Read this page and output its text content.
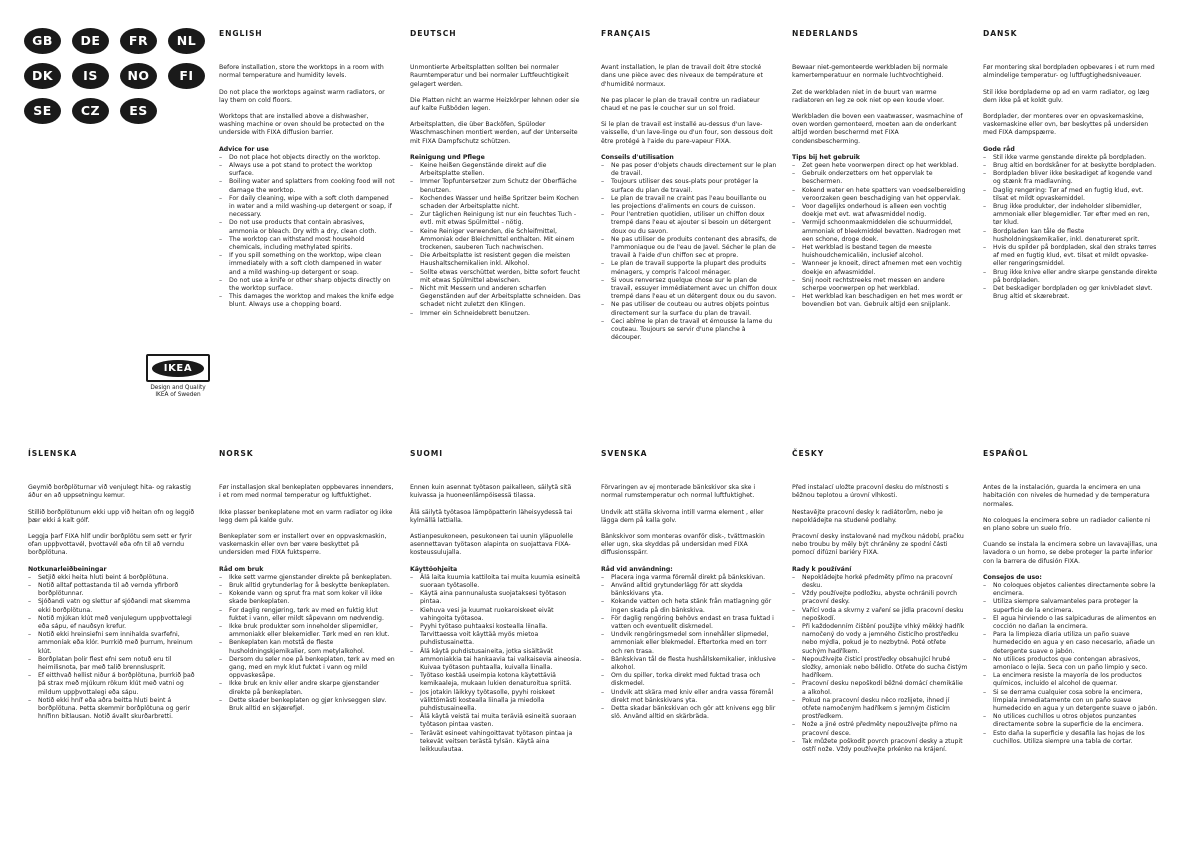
GB	DE	FR	NL
DK	IS	NO	FI
SE	CZ	ES
IKEA
Design and Quality
IKEA of Sweden
ENGLISH

Before installation, store the worktops in a room with normal temperature and humidity levels.

Do not place the worktops against warm radiators, or lay them on cold floors.

Worktops that are installed above a dishwasher, washing machine or oven should be protected on the underside with FIXA diffusion barrier.

Advice for use

– Do not place hot objects directly on the worktop.
– Always use a pot stand to protect the worktop surface.
– Boiling water and splatters from cooking food will not damage the worktop.
– For daily cleaning, wipe with a soft cloth dampened in water and a mild washing-up detergent or soap, if necessary.
– Do not use products that contain abrasives, ammonia or bleach. Dry with a dry, clean cloth.
– The worktop can withstand most household chemicals, including methylated spirits.
– If you spill something on the worktop, wipe clean immediately with a soft cloth dampened in water and a mild washing-up detergent or soap.
– Do not use a knife or other sharp objects directly on the worktop surface.
– This damages the worktop and makes the knife edge blunt. Always use a chopping board.
DEUTSCH

Unmontierte Arbeitsplatten sollten bei normaler Raumtemperatur und bei normaler Luftfeuchtigkeit gelagert werden.

Die Platten nicht an warme Heizkörper lehnen oder sie auf kalte Fußböden legen.

Arbeitsplatten, die über Backöfen, Spüloder Waschmaschinen montiert werden, auf der Unterseite mit FIXA Dampfschutz schützen.

Reinigung und Pflege

– Keine heißen Gegenstände direkt auf die Arbeitsplatte stellen.
– Immer Topfuntersetzer zum Schutz der Oberfläche benutzen.
– Kochendes Wasser und heiße Spritzer beim Kochen schaden der Arbeitsplatte nicht.
– Zur täglichen Reinigung ist nur ein feuchtes Tuch - evtl. mit etwas Spülmittel - nötig.
– Keine Reiniger verwenden, die Schleifmittel, Ammoniak oder Bleichmittel enthalten. Mit einem trockenen, sauberen Tuch nachwischen.
– Die Arbeitsplatte ist resistent gegen die meisten Haushaltschemikalien inkl. Alkohol.
– Sollte etwas verschüttet werden, bitte sofort feucht mit etwas Spülmittel abwischen.
– Nicht mit Messern und anderen scharfen Gegenständen auf der Arbeitsplatte schneiden. Das schadet nicht zuletzt den Klingen.
– Immer ein Schneidebrett benutzen.
FRANÇAIS

Avant installation, le plan de travail doit être stocké dans une pièce avec des niveaux de température et d'humidité normaux.

Ne pas placer le plan de travail contre un radiateur chaud et ne pas le coucher sur un sol froid.

Si le plan de travail est installé au-dessus d'un lave-vaisselle, d'un lave-linge ou d'un four, son dessous doit être protégé à l'aide du pare-vapeur FIXA.

Conseils d'utilisation

– Ne pas poser d'objets chauds directement sur le plan de travail.
– Toujours utiliser des sous-plats pour protéger la surface du plan de travail.
– Le plan de travail ne craint pas l'eau bouillante ou les projections d'aliments en cours de cuisson.
– Pour l'entretien quotidien, utiliser un chiffon doux trempé dans l'eau et ajouter si besoin un détergent doux ou du savon.
– Ne pas utiliser de produits contenant des abrasifs, de l'ammoniaque ou de l'eau de Javel. Sécher le plan de travail à l'aide d'un chiffon sec et propre.
– Le plan de travail supporte la plupart des produits ménagers, y compris l'alcool ménager.
– Si vous renversez quelque chose sur le plan de travail, essuyer immédiatement avec un chiffon doux trempé dans l'eau et un détergent doux ou du savon.
– Ne pas utiliser de couteau ou autres objets pointus directement sur la surface du plan de travail.
– Ceci abîme le plan de travail et émousse la lame du couteau. Toujours se servir d'une planche à découper.
NEDERLANDS

Bewaar niet-gemonteerde werkbladen bij normale kamertemperatuur en normale luchtvochtigheid.

Zet de werkbladen niet in de buurt van warme radiatoren en leg ze ook niet op een koude vloer.

Werkbladen die boven een vaatwasser, wasmachine of oven worden gemonteerd, moeten aan de onderkant altijd worden beschermd met FIXA condensbescherming.

Tips bij het gebruik

– Zet geen hete voorwerpen direct op het werkblad.
– Gebruik onderzetters om het oppervlak te beschermen.
– Kokend water en hete spatters van voedselbereiding veroorzaken geen beschadiging van het oppervlak.
– Voor dagelijks onderhoud is alleen een vochtig doekje met evt. wat afwasmiddel nodig.
– Vermijd schoonmaakmiddelen die schuurmiddel, ammoniak of bleekmiddel bevatten. Nadrogen met een schone, droge doek.
– Het werkblad is bestand tegen de meeste huishoudchemicaliën, inclusief alcohol.
– Wanneer je knoeit, direct afnemen met een vochtig doekje en afwasmiddel.
– Snij nooit rechtstreeks met messen en andere scherpe voorwerpen op het werkblad.
– Het werkblad kan beschadigen en het mes wordt er bovendien bot van. Gebruik altijd een snijplank.
DANSK

Før montering skal bordpladen opbevares i et rum med almindelige temperatur- og luftfugtighedsniveauer.

Stil ikke bordpladerne op ad en varm radiator, og læg dem ikke på et koldt gulv.

Bordplader, der monteres over en opvaskemaskine, vaskemaskine eller ovn, bør beskyttes på undersiden med FIXA dampspærre.

Gode råd

– Stil ikke varme genstande direkte på bordpladen.
– Brug altid en bordskåner for at beskytte bordpladen.
– Bordpladen bliver ikke beskadiget af kogende vand og stænk fra madlavning.
– Daglig rengøring: Tør af med en fugtig klud, evt. tilsat et mildt opvaskemiddel.
– Brug ikke produkter, der indeholder slibemidler, ammoniak eller blegemidler. Tør efter med en ren, tør klud.
– Bordpladen kan tåle de fleste husholdningskemikalier, inkl. denatureret sprit.
– Hvis du spilder på bordpladen, skal den straks tørres af med en fugtig klud, evt. tilsat et mildt opvaske- eller rengøringsmiddel.
– Brug ikke knive eller andre skarpe genstande direkte på bordpladen.
– Det beskadiger bordpladen og gør knivbladet sløvt. Brug altid et skærebræt.
ÍSLENSKA

Geymið borðplöturnar við venjulegt hita- og rakastig áður en að uppsetningu kemur.

Stillið borðplötunum ekki upp við heitan ofn og leggið þær ekki á kalt gólf.

Leggja þarf FIXA hlíf undir borðplötu sem sett er fyrir ofan uppþvottavél, þvottavél eða ofn til að verndu borðplötuna.

Notkunarleiðbeiningar

– Setjið ekki heita hluti beint á borðplötuna.
– Notið alltaf pottastanda til að vernda yfirborð borðplötunnar.
– Sjóðandi vatn og slettur af sjóðandi mat skemma ekki borðplötuna.
– Notið mjúkan klút með venjulegum uppþvottalegi eða sápu, ef nauðsyn krefur.
– Notið ekki hreinsiefni sem innihalda svarfefni, ammoníak eða klór. Þurrkið með þurrum, hreinum klút.
– Borðplatan þolir flest efni sem notuð eru til heimilisnota, þar með talið brennslusprit.
– Ef eitthvað hellist niður á borðplötuna, þurrkið það þá strax með mjúkum rökum klút með vatni og mildum uppþvottalegi eða sápu.
– Notið ekki hníf eða aðra beitta hluti beint á borðplötuna. Þetta skemmir borðplötuna og gerir hnífinn bitlausan. Notið ávallt skurðarbretti.
NORSK

Før installasjon skal benkeplaten oppbevares innendørs, i et rom med normal temperatur og luftfuktighet.

Ikke plasser benkeplatene mot en varm radiator og ikke legg dem på kalde gulv.

Benkeplater som er installert over en oppvaskmaskin, vaskemaskin eller ovn bør være beskyttet på undersiden med FIXA fuktsperre.

Råd om bruk

– Ikke sett varme gjenstander direkte på benkeplaten.
– Bruk alltid grytunderlag for å beskytte benkeplaten.
– Kokende vann og sprut fra mat som koker vil ikke skade benkeplaten.
– For daglig rengjøring, tørk av med en fuktig klut fuktet i vann, eller mildt såpevann om nødvendig.
– Ikke bruk produkter som inneholder slipemidler, ammoniakk eller blekemidler. Tørk med en ren klut.
– Benkeplaten kan motstå de fleste husholdningskjemikalier, som metylalkohol.
– Dersom du søler noe på benkeplaten, tørk av med en gang, med en myk klut fuktet i vann og mild oppvaskesåpe.
– Ikke bruk en kniv eller andre skarpe gjenstander direkte på benkeplaten.
– Dette skader benkeplaten og gjør knivseggen sløv. Bruk alltid en skjærefjøl.
SUOMI

Ennen kuin asennat työtason paikalleen, säilytä sitä kuivassa ja huoneenlämpöisessä tilassa.

Älä säilytä työtasoa lämpöpatterin läheisyydessä tai kylmällä lattialla.

Astianpesukoneen, pesukoneen tai uunin yläpuolelle asennettavan työtason alapinta on suojattava FIXA-kosteussulujalla.

Käyttöohjeita

– Älä laita kuumia kattiloita tai muita kuumia esineitä suoraan työtasolle.
– Käytä aina pannunalusta suojataksesi työtason pintaa.
– Kiehuva vesi ja kuumat ruokaroiskeet eivät vahingoita työtasoa.
– Pyyhi työtaso puhtaaksi kostealla liinalla. Tarvittaessa voit käyttää myös mietoa puhdistusainetta.
– Älä käytä puhdistusaineita, jotka sisältävät ammoniakkia tai hankaavia tai valkaisevia aineosia. Kuivaa työtason puhtaalla, kuivalla liinalla.
– Työtaso kestää useimpia kotona käytettäviä kemikaaleja, mukaan lukien denaturoitua spriitä.
– Jos jotakin läikkyy työtasolle, pyyhi roiskeet välittömästi kostealla liinalla ja miedolla puhdistusaineella.
– Älä käytä veistä tai muita teräviä esineitä suoraan työtason pintaa vasten.
– Terävät esineet vahingoittavat työtason pintaa ja tekevät veitsen terästä tylsän. Käytä aina leikkuulautaa.
SVENSKA

Förvaringen av ej monterade bänkskivor ska ske i normal rumstemperatur och normal luftfuktighet.

Undvik att ställa skivorna intill varma element , eller lägga dem på kalla golv.

Bänkskivor som monteras ovanför disk-, tvättmaskin eller ugn, ska skyddas på undersidan med FIXA diffusionsspärr.

Råd vid användning:

– Placera inga varma föremål direkt på bänkskivan.
– Använd alltid grytunderlägg för att skydda bänkskivans yta.
– Kokande vatten och heta stänk från matlagning gör ingen skada på din bänkskiva.
– För daglig rengöring behövs endast en trasa fuktad i vatten och eventuellt diskmedel.
– Undvik rengöringsmedel som innehåller slipmedel, ammoniak eller blekmedel. Eftertorka med en torr och ren trasa.
– Bänkskivan tål de flesta hushållskemikalier, inklusive alkohol.
– Om du spiller, torka direkt med fuktad trasa och diskmedel.
– Undvik att skära med kniv eller andra vassa föremål direkt mot bänkskivans yta.
– Detta skadar bänkskivan och gör att knivens egg blir slö. Använd alltid en skärbräda.
ČESKY

Před instalací uložte pracovní desku do místnosti s běžnou teplotou a úrovní vlhkosti.

Nestavějte pracovní desky k radiátorům, nebo je nepokládejte na studené podlahy.

Pracovní desky instalované nad myčkou nádobí, pračku nebo troubu by měly být chráněny ze spodní části pomocí difúzní bariéry FIXA.

Rady k používání

– Nepokládejte horké předměty přímo na pracovní desku.
– Vždy používejte podložku, abyste ochránili povrch pracovní desky.
– Vařící voda a skvrny z vaření se jídla pracovní desku nepoškodí.
– Při každodenním čištění použijte vlhký měkký hadřík namočený do vody a jemného čisticího prostředku nebo mýdla, pokud je to nezbytné. Poté otřete suchým hadříkem.
– Nepoužívejte čisticí prostředky obsahující hrubé složky, amoniak nebo bělidlo. Otřete do sucha čistým hadříkem.
– Pracovní desku nepoškodí běžné domácí chemikálie a alkohol.
– Pokud na pracovní desku něco rozlijete, ihned jí otřete namočeným hadříkem s jemným čisticím prostředkem.
– Nože a jiné ostré předměty nepoužívejte přímo na pracovní desce.
– Tak můžete poškodit povrch pracovní desky a ztupit ostří nože. Vždy používejte prkénko na krájení.
ESPAÑOL

Antes de la instalación, guarda la encimera en una habitación con niveles de humedad y de temperatura normales.

No coloques la encimera sobre un radiador caliente ni en plano sobre un suelo frío.

Cuando se instala la encimera sobre un lavavajillas, una lavadora o un horno, se debe proteger la parte inferior con la barrera de difusión FIXA.

Consejos de uso:

– No coloques objetos calientes directamente sobre la encimera.
– Utiliza siempre salvamanteles para proteger la superficie de la encimera.
– El agua hirviendo o las salpicaduras de alimentos en cocción no dañan la encimera.
– Para la limpieza diaria utiliza un paño suave humedecido en agua y en caso necesario, añade un detergente suave o jabón.
– No utilices productos que contengan abrasivos, amoníaco o lejía. Seca con un paño limpio y seco.
– La encimera resiste la mayoría de los productos químicos, incluido el alcohol de quemar.
– Si se derrama cualquier cosa sobre la encimera, límpiala inmediatamente con un paño suave humedecido en agua y un detergente suave o jabón.
– No utilices cuchillos u otros objetos punzantes directamente sobre la superficie de la encimera.
– Esto daña la superficie y desafila las hojas de los cuchillos. Utiliza siempre una tabla de cortar.
